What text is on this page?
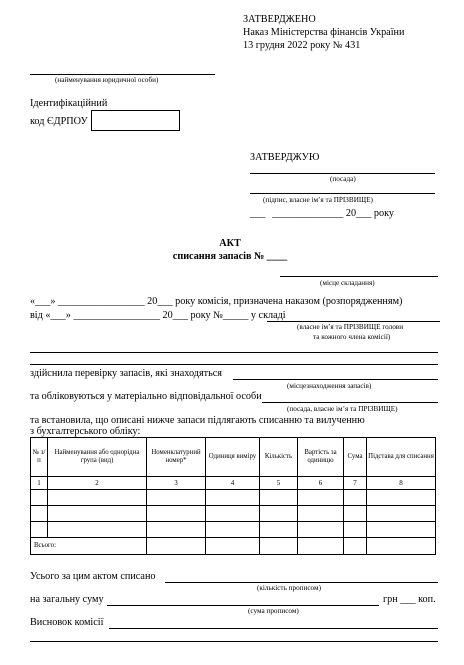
ЗАТВЕРДЖЕНО
Наказ Міністерства фінансів України
13 грудня 2022 року № 431
(найменування юридичної особи)
Ідентифікаційний
код ЄДРПОУ
ЗАТВЕРДЖУЮ
(посада)
(підпис, власне ім’я та ПРІЗВИЩЕ)
___ ______________ 20___ року
АКТ
списання запасів № ____
(місце складання)
«___» _________________ 20___ року комісія, призначена наказом (розпорядженням)
від «___» _________________ 20___ року №_____ у складі
(власне ім’я та ПРІЗВИЩЕ голови
та кожного члена комісії)
здійснила перевірку запасів, які знаходяться
(місцезнаходження запасів)
та обліковуються у матеріально відповідальної особи
(посада, власне ім’я та ПРІЗВИЩЕ)
та встановила, що описані нижче запаси підлягають списанню та вилученню
з бухгалтерського обліку:
№ з/п	Найменування або однорідна група (вид)	Номенклатурний номер*	Одиниця виміру	Кількість	Вартість за одиницю	Сума	Підстава для списання
1	2	3	4	5	6	7	8

Всього:							
Усього за цим актом списано
(кількість прописом)
на загальну суму	грн ___ коп.
(сума прописом)
Висновок комісії
